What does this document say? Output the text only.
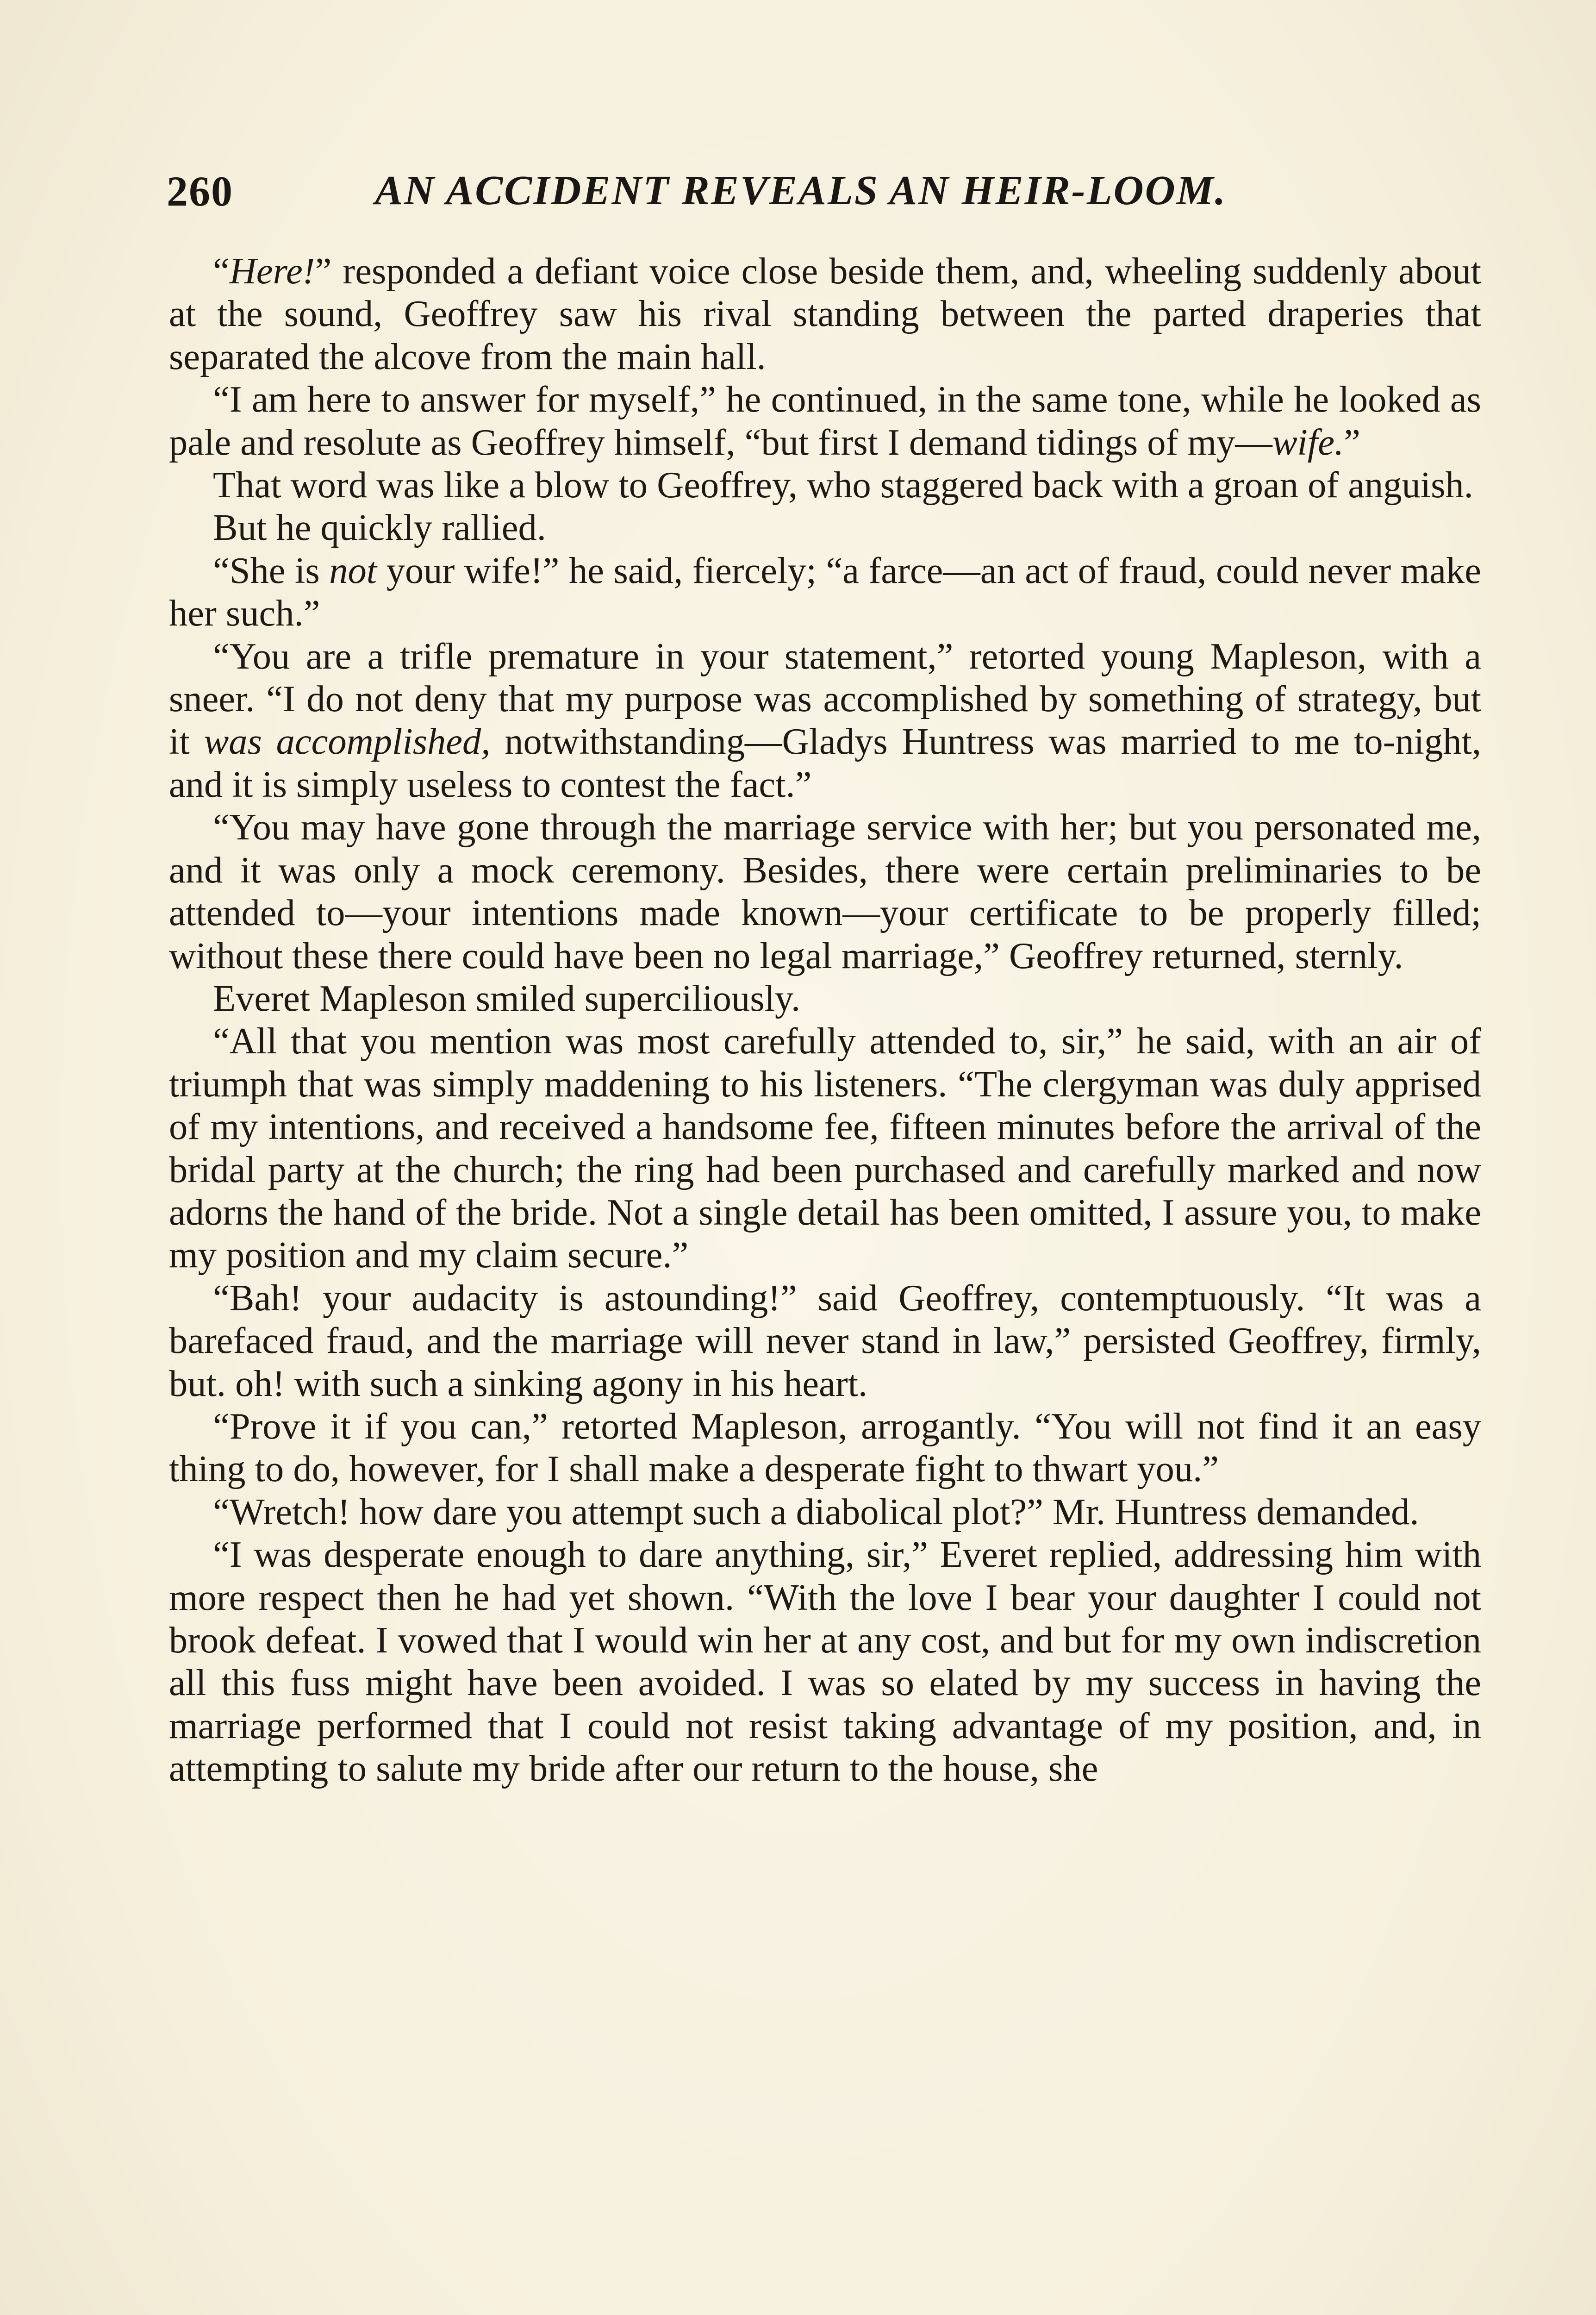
260	AN ACCIDENT REVEALS AN HEIR-LOOM.

“Here!” responded a defiant voice close beside them, and, wheeling suddenly about at the sound, Geoffrey saw his rival standing between the parted draperies that separated the alcove from the main hall.

“I am here to answer for myself,” he continued, in the same tone, while he looked as pale and resolute as Geoffrey himself, “but first I demand tidings of my—wife.”

That word was like a blow to Geoffrey, who staggered back with a groan of anguish.

But he quickly rallied.

“She is not your wife!” he said, fiercely; “a farce—an act of fraud, could never make her such.”

“You are a trifle premature in your statement,” retorted young Mapleson, with a sneer. “I do not deny that my purpose was accomplished by something of strategy, but it was accomplished, notwithstanding—Gladys Huntress was married to me to-night, and it is simply useless to contest the fact.”

“You may have gone through the marriage service with her; but you personated me, and it was only a mock ceremony. Besides, there were certain preliminaries to be attended to—your intentions made known—your certificate to be properly filled; without these there could have been no legal marriage,” Geoffrey returned, sternly.

Everet Mapleson smiled superciliously.

“All that you mention was most carefully attended to, sir,” he said, with an air of triumph that was simply maddening to his listeners. “The clergyman was duly apprised of my intentions, and received a handsome fee, fifteen minutes before the arrival of the bridal party at the church; the ring had been purchased and carefully marked and now adorns the hand of the bride. Not a single detail has been omitted, I assure you, to make my position and my claim secure.”

“Bah! your audacity is astounding!” said Geoffrey, contemptuously. “It was a barefaced fraud, and the marriage will never stand in law,” persisted Geoffrey, firmly, but. oh! with such a sinking agony in his heart.

“Prove it if you can,” retorted Mapleson, arrogantly. “You will not find it an easy thing to do, however, for I shall make a desperate fight to thwart you.”

“Wretch! how dare you attempt such a diabolical plot?” Mr. Huntress demanded.

“I was desperate enough to dare anything, sir,” Everet replied, addressing him with more respect then he had yet shown. “With the love I bear your daughter I could not brook defeat. I vowed that I would win her at any cost, and but for my own indiscretion all this fuss might have been avoided. I was so elated by my success in having the marriage performed that I could not resist taking advantage of my position, and, in attempting to salute my bride after our return to the house, she
